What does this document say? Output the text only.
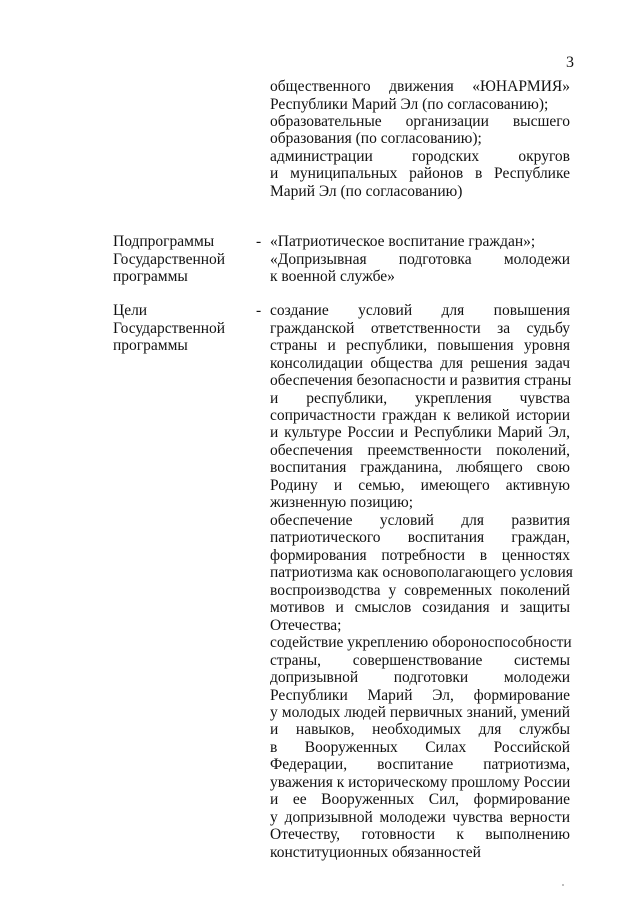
3
общественного движения «ЮНАРМИЯ»
Республики Марий Эл (по согласованию);
образовательные организации высшего
образования (по согласованию);
администрации городских округов
и муниципальных районов в Республике
Марий Эл (по согласованию)
Подпрограммы
Государственной
программы
- «Патриотическое воспитание граждан»;
«Допризывная подготовка молодежи
к военной службе»
Цели
Государственной
программы
- создание условий для повышения
гражданской ответственности за судьбу
страны и республики, повышения уровня
консолидации общества для решения задач
обеспечения безопасности и развития страны
и республики, укрепления чувства
сопричастности граждан к великой истории
и культуре России и Республики Марий Эл,
обеспечения преемственности поколений,
воспитания гражданина, любящего свою
Родину и семью, имеющего активную
жизненную позицию;
обеспечение условий для развития
патриотического воспитания граждан,
формирования потребности в ценностях
патриотизма как основополагающего условия
воспроизводства у современных поколений
мотивов и смыслов созидания и защиты
Отечества;
содействие укреплению обороноспособности
страны, совершенствование системы
допризывной подготовки молодежи
Республики Марий Эл, формирование
у молодых людей первичных знаний, умений
и навыков, необходимых для службы
в Вооруженных Силах Российской
Федерации, воспитание патриотизма,
уважения к историческому прошлому России
и ее Вооруженных Сил, формирование
у допризывной молодежи чувства верности
Отечеству, готовности к выполнению
конституционных обязанностей
